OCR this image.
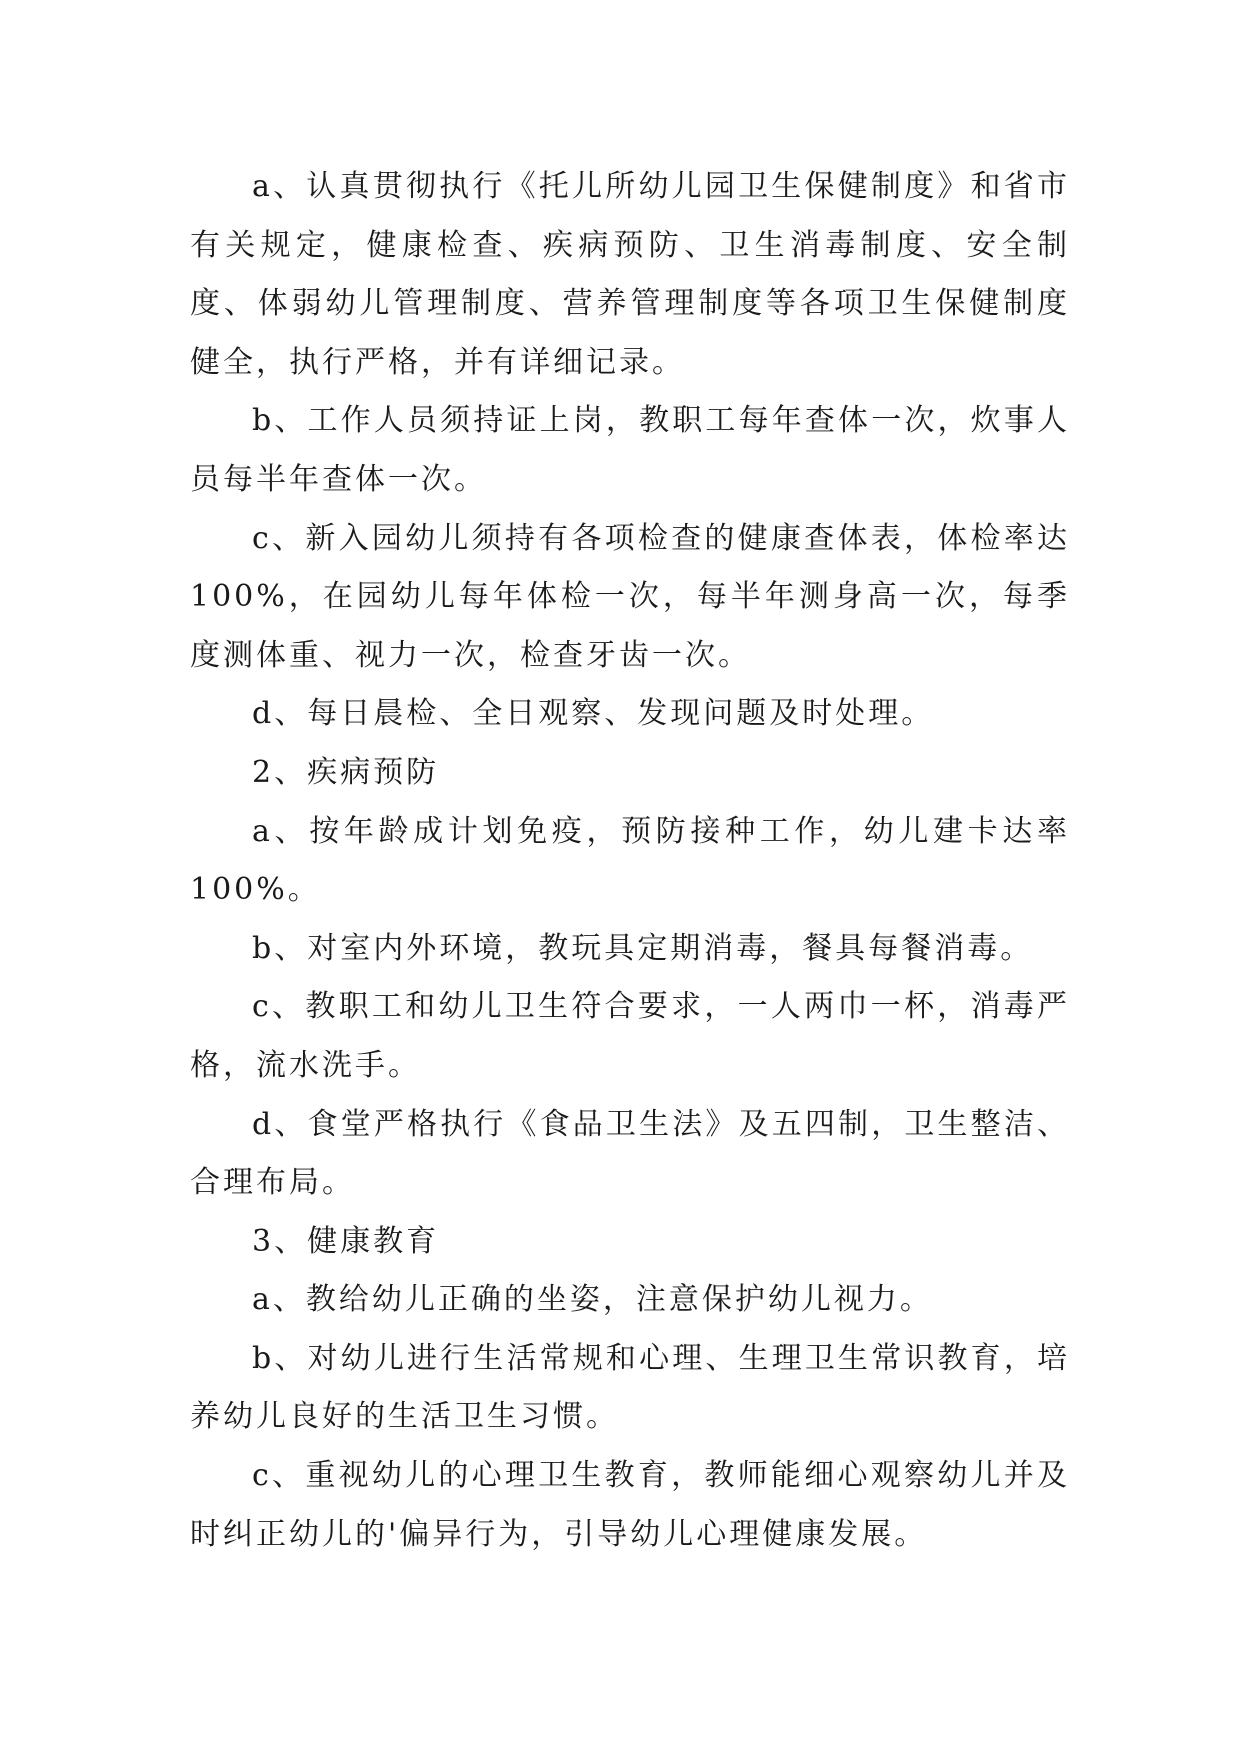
a、认真贯彻执行《托儿所幼儿园卫生保健制度》和省市有关规定，健康检查、疾病预防、卫生消毒制度、安全制度、体弱幼儿管理制度、营养管理制度等各项卫生保健制度健全，执行严格，并有详细记录。

b、工作人员须持证上岗，教职工每年查体一次，炊事人员每半年查体一次。

c、新入园幼儿须持有各项检查的健康查体表，体检率达100%，在园幼儿每年体检一次，每半年测身高一次，每季度测体重、视力一次，检查牙齿一次。

d、每日晨检、全日观察、发现问题及时处理。

2、疾病预防

a、按年龄成计划免疫，预防接种工作，幼儿建卡达率100%。

b、对室内外环境，教玩具定期消毒，餐具每餐消毒。

c、教职工和幼儿卫生符合要求，一人两巾一杯，消毒严格，流水洗手。

d、食堂严格执行《食品卫生法》及五四制，卫生整洁、合理布局。

3、健康教育

a、教给幼儿正确的坐姿，注意保护幼儿视力。

b、对幼儿进行生活常规和心理、生理卫生常识教育，培养幼儿良好的生活卫生习惯。

c、重视幼儿的心理卫生教育，教师能细心观察幼儿并及时纠正幼儿的'偏异行为，引导幼儿心理健康发展。
